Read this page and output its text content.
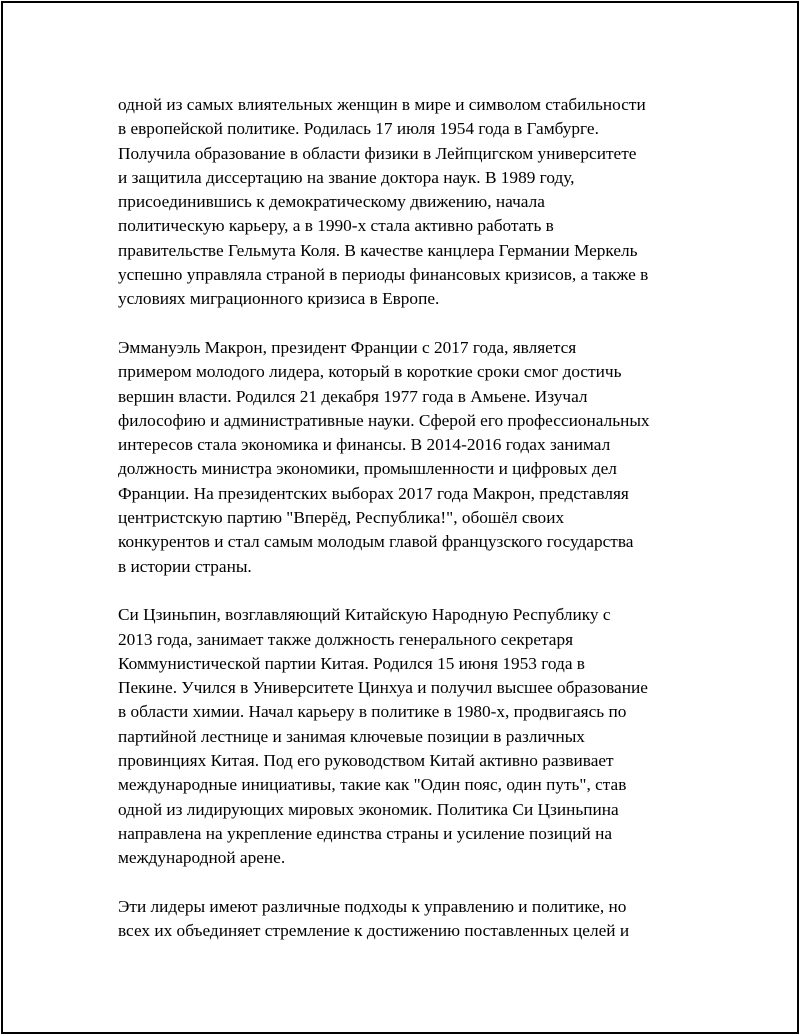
одной из самых влиятельных женщин в мире и символом стабильности
в европейской политике. Родилась 17 июля 1954 года в Гамбурге.
Получила образование в области физики в Лейпцигском университете
и защитила диссертацию на звание доктора наук. В 1989 году,
присоединившись к демократическому движению, начала
политическую карьеру, а в 1990-х стала активно работать в
правительстве Гельмута Коля. В качестве канцлера Германии Меркель
успешно управляла страной в периоды финансовых кризисов, а также в
условиях миграционного кризиса в Европе.

Эммануэль Макрон, президент Франции с 2017 года, является
примером молодого лидера, который в короткие сроки смог достичь
вершин власти. Родился 21 декабря 1977 года в Амьене. Изучал
философию и административные науки. Сферой его профессиональных
интересов стала экономика и финансы. В 2014-2016 годах занимал
должность министра экономики, промышленности и цифровых дел
Франции. На президентских выборах 2017 года Макрон, представляя
центристскую партию "Вперёд, Республика!", обошёл своих
конкурентов и стал самым молодым главой французского государства
в истории страны.

Си Цзиньпин, возглавляющий Китайскую Народную Республику с
2013 года, занимает также должность генерального секретаря
Коммунистической партии Китая. Родился 15 июня 1953 года в
Пекине. Учился в Университете Цинхуа и получил высшее образование
в области химии. Начал карьеру в политике в 1980-х, продвигаясь по
партийной лестнице и занимая ключевые позиции в различных
провинциях Китая. Под его руководством Китай активно развивает
международные инициативы, такие как "Один пояс, один путь", став
одной из лидирующих мировых экономик. Политика Си Цзиньпина
направлена на укрепление единства страны и усиление позиций на
международной арене.

Эти лидеры имеют различные подходы к управлению и политике, но
всех их объединяет стремление к достижению поставленных целей и
